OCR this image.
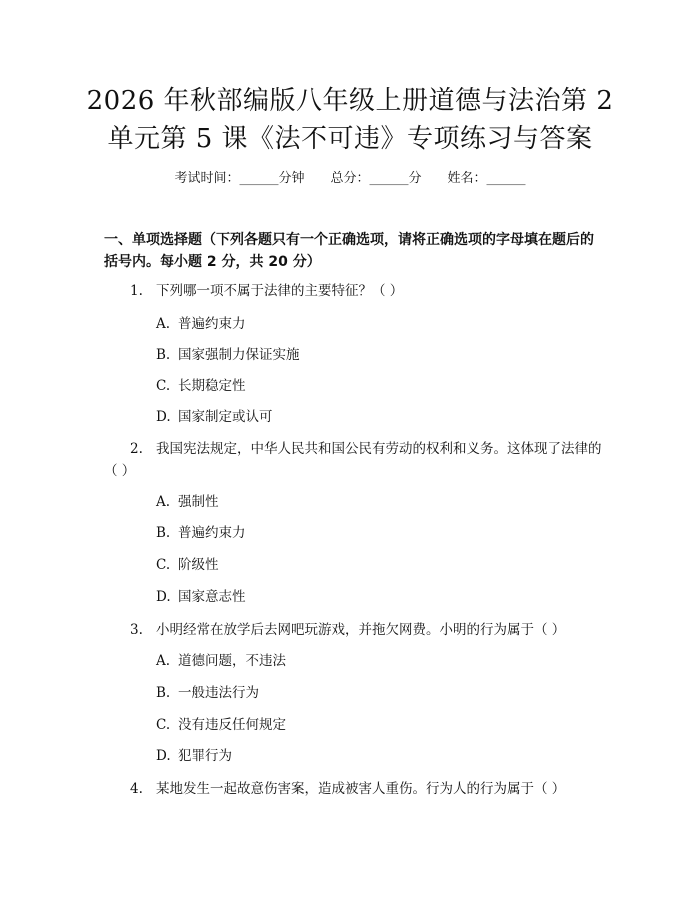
2026 年秋部编版八年级上册道德与法治第 2
单元第 5 课《法不可违》专项练习与答案
考试时间：______分钟 总分：______分 姓名：______
一、单项选择题（下列各题只有一个正确选项，请将正确选项的字母填在题后的括号内。每小题 2 分，共 20 分）
1. 下列哪一项不属于法律的主要特征？（ ）
A. 普遍约束力
B. 国家强制力保证实施
C. 长期稳定性
D. 国家制定或认可
2. 我国宪法规定，中华人民共和国公民有劳动的权利和义务。这体现了法律的（ ）
A. 强制性
B. 普遍约束力
C. 阶级性
D. 国家意志性
3. 小明经常在放学后去网吧玩游戏，并拖欠网费。小明的行为属于（ ）
A. 道德问题，不违法
B. 一般违法行为
C. 没有违反任何规定
D. 犯罪行为
4. 某地发生一起故意伤害案，造成被害人重伤。行为人的行为属于（ ）
